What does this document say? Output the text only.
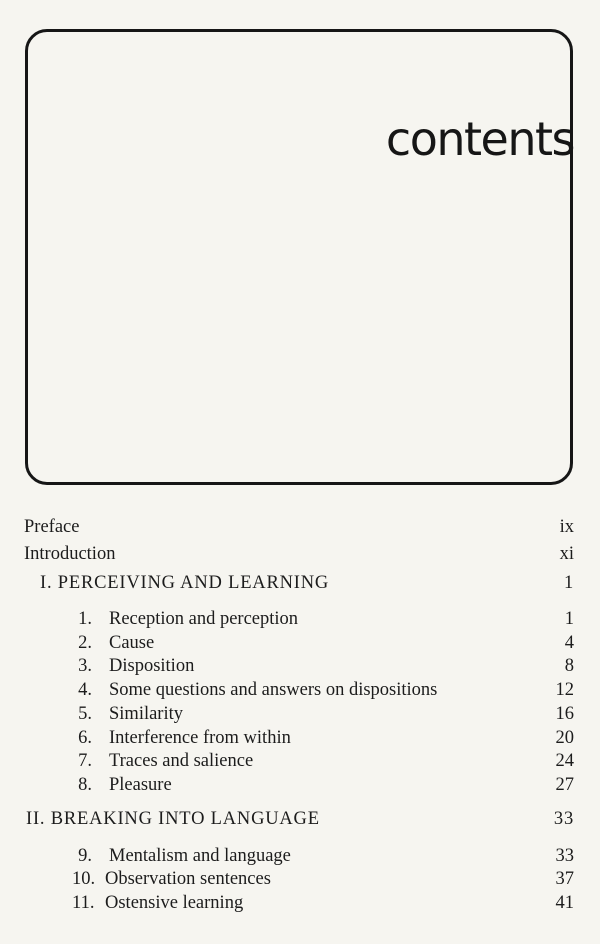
contents
Preface	ix
Introduction	xi
I. PERCEIVING AND LEARNING	1
1. Reception and perception	1
2. Cause	4
3. Disposition	8
4. Some questions and answers on dispositions	12
5. Similarity	16
6. Interference from within	20
7. Traces and salience	24
8. Pleasure	27
II. BREAKING INTO LANGUAGE	33
9. Mentalism and language	33
10. Observation sentences	37
11. Ostensive learning	41
